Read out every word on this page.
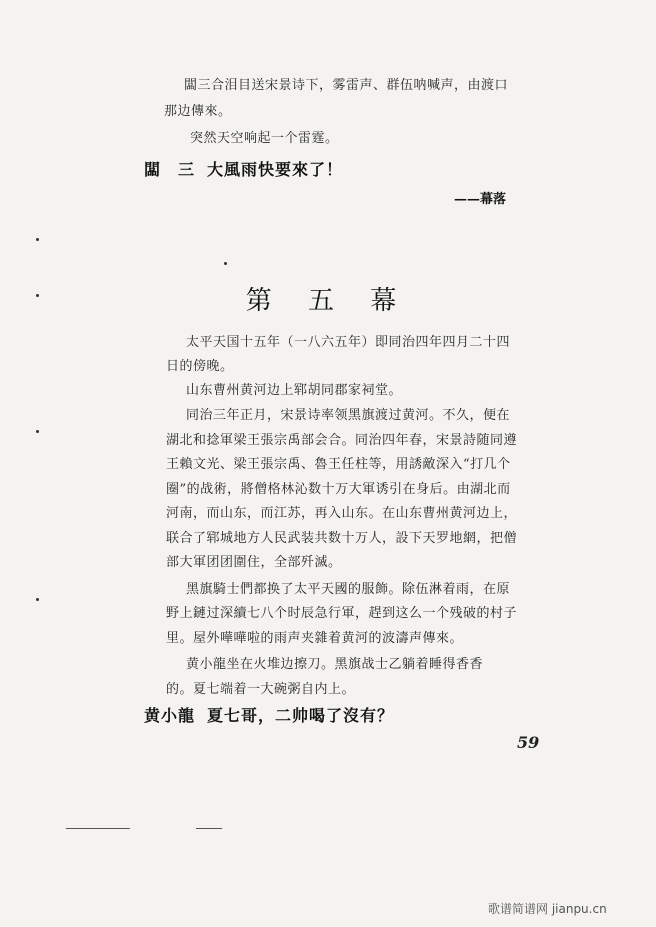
闆三合泪目送宋景诗下，雾雷声、群伍呐喊声，由渡口
那边傳來。
突然天空响起一个雷霆。
闆　三 大風雨快要來了！
——幕落
第 五 幕
太平天国十五年（一八六五年）即同治四年四月二十四
日的傍晚。
山东曹州黄河边上郓胡同郡家祠堂。
同治三年正月，宋景诗率领黑旗渡过黄河。不久，便在
湖北和捻軍梁王張宗禹部会合。同治四年春，宋景詩随同遵
王賴文光、梁王張宗禹、魯王任柱等，用誘敵深入“打几个
圈”的战術，將僧格林沁数十万大軍诱引在身后。由湖北而
河南，而山东，而江苏，再入山东。在山东曹州黄河边上，
联合了郓城地方人民武装共数十万人，設下天罗地網，把僧
部大軍团团圍住，全部歼滅。
黑旗騎士們都换了太平天國的服飾。除伍淋着雨，在原
野上鏈过深續七八个时辰急行軍，趕到这么一个残破的村子
里。屋外嘩嘩啦的雨声夹雜着黄河的波濤声傳來。
黄小龍坐在火堆边擦刀。黑旗战士乙躺着睡得香香
的。夏七端着一大碗粥自内上。
黄小龍 夏七哥，二帅喝了沒有？
59
歌谱简谱网 jianpu.cn
